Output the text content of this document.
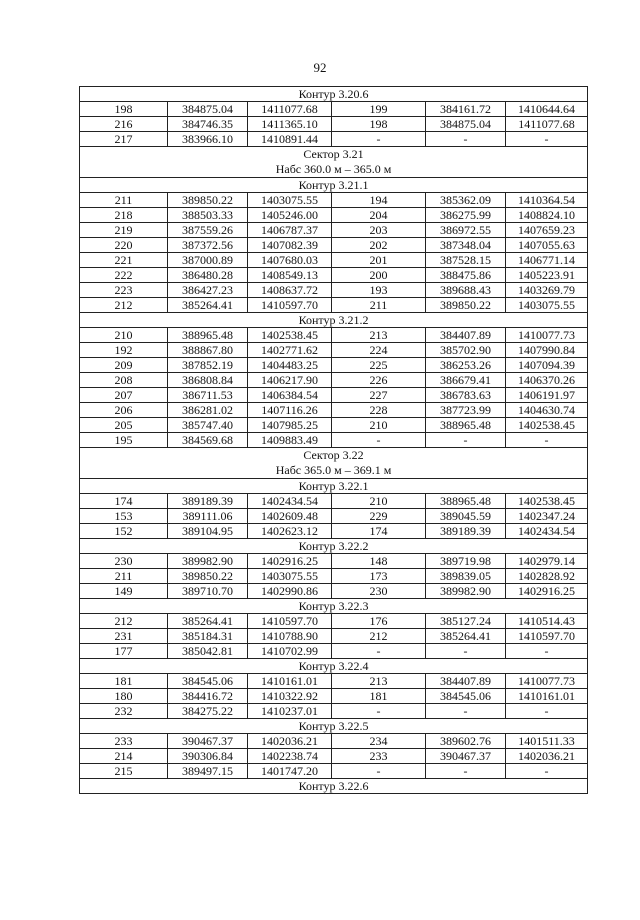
92
Контур 3.20.6					

198	384875.04	1411077.68	199	384161.72	1410644.64
216	384746.35	1411365.10	198	384875.04	1411077.68
217	383966.10	1410891.44	-	-	-

Сектор 3.21
Набс 360.0 м – 365.0 м					

Контур 3.21.1					

211	389850.22	1403075.55	194	385362.09	1410364.54
218	388503.33	1405246.00	204	386275.99	1408824.10
219	387559.26	1406787.37	203	386972.55	1407659.23
220	387372.56	1407082.39	202	387348.04	1407055.63
221	387000.89	1407680.03	201	387528.15	1406771.14
222	386480.28	1408549.13	200	388475.86	1405223.91
223	386427.23	1408637.72	193	389688.43	1403269.79
212	385264.41	1410597.70	211	389850.22	1403075.55

Контур 3.21.2					

210	388965.48	1402538.45	213	384407.89	1410077.73
192	388867.80	1402771.62	224	385702.90	1407990.84
209	387852.19	1404483.25	225	386253.26	1407094.39
208	386808.84	1406217.90	226	386679.41	1406370.26
207	386711.53	1406384.54	227	386783.63	1406191.97
206	386281.02	1407116.26	228	387723.99	1404630.74
205	385747.40	1407985.25	210	388965.48	1402538.45
195	384569.68	1409883.49	-	-	-

Сектор 3.22
Набс 365.0 м – 369.1 м					

Контур 3.22.1					

174	389189.39	1402434.54	210	388965.48	1402538.45
153	389111.06	1402609.48	229	389045.59	1402347.24
152	389104.95	1402623.12	174	389189.39	1402434.54

Контур 3.22.2					

230	389982.90	1402916.25	148	389719.98	1402979.14
211	389850.22	1403075.55	173	389839.05	1402828.92
149	389710.70	1402990.86	230	389982.90	1402916.25

Контур 3.22.3					

212	385264.41	1410597.70	176	385127.24	1410514.43
231	385184.31	1410788.90	212	385264.41	1410597.70
177	385042.81	1410702.99	-	-	-

Контур 3.22.4					

181	384545.06	1410161.01	213	384407.89	1410077.73
180	384416.72	1410322.92	181	384545.06	1410161.01
232	384275.22	1410237.01	-	-	-

Контур 3.22.5					

233	390467.37	1402036.21	234	389602.76	1401511.33
214	390306.84	1402238.74	233	390467.37	1402036.21
215	389497.15	1401747.20	-	-	-

Контур 3.22.6					
